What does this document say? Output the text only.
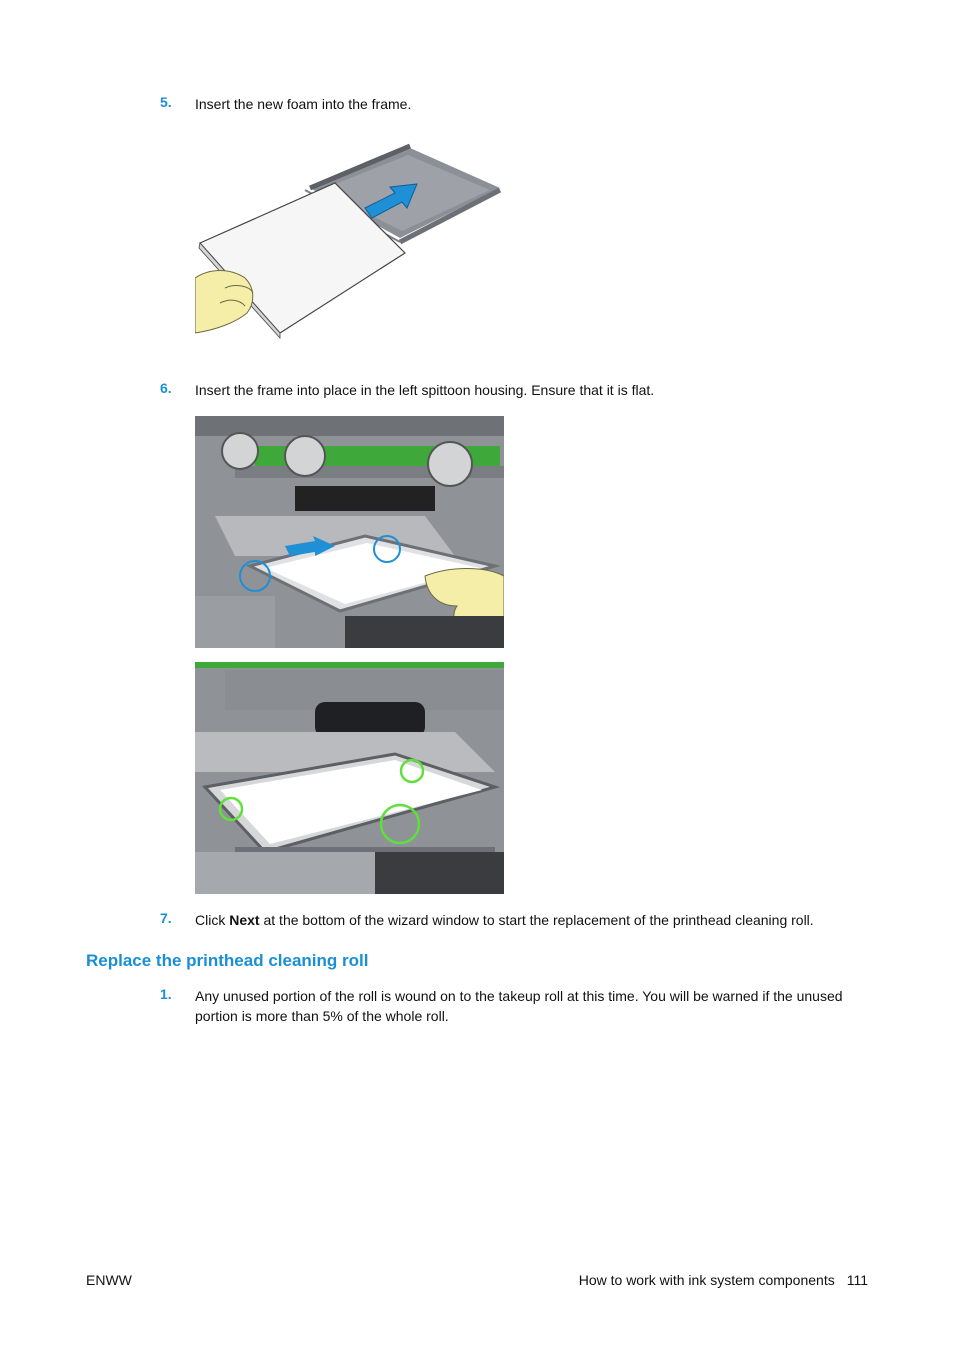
5.	Insert the new foam into the frame.
6.	Insert the frame into place in the left spittoon housing. Ensure that it is flat.
7.	Click Next at the bottom of the wizard window to start the replacement of the printhead cleaning roll.
Replace the printhead cleaning roll
1.	Any unused portion of the roll is wound on to the takeup roll at this time. You will be warned if the unused portion is more than 5% of the whole roll.
ENWW	How to work with ink system components 111
